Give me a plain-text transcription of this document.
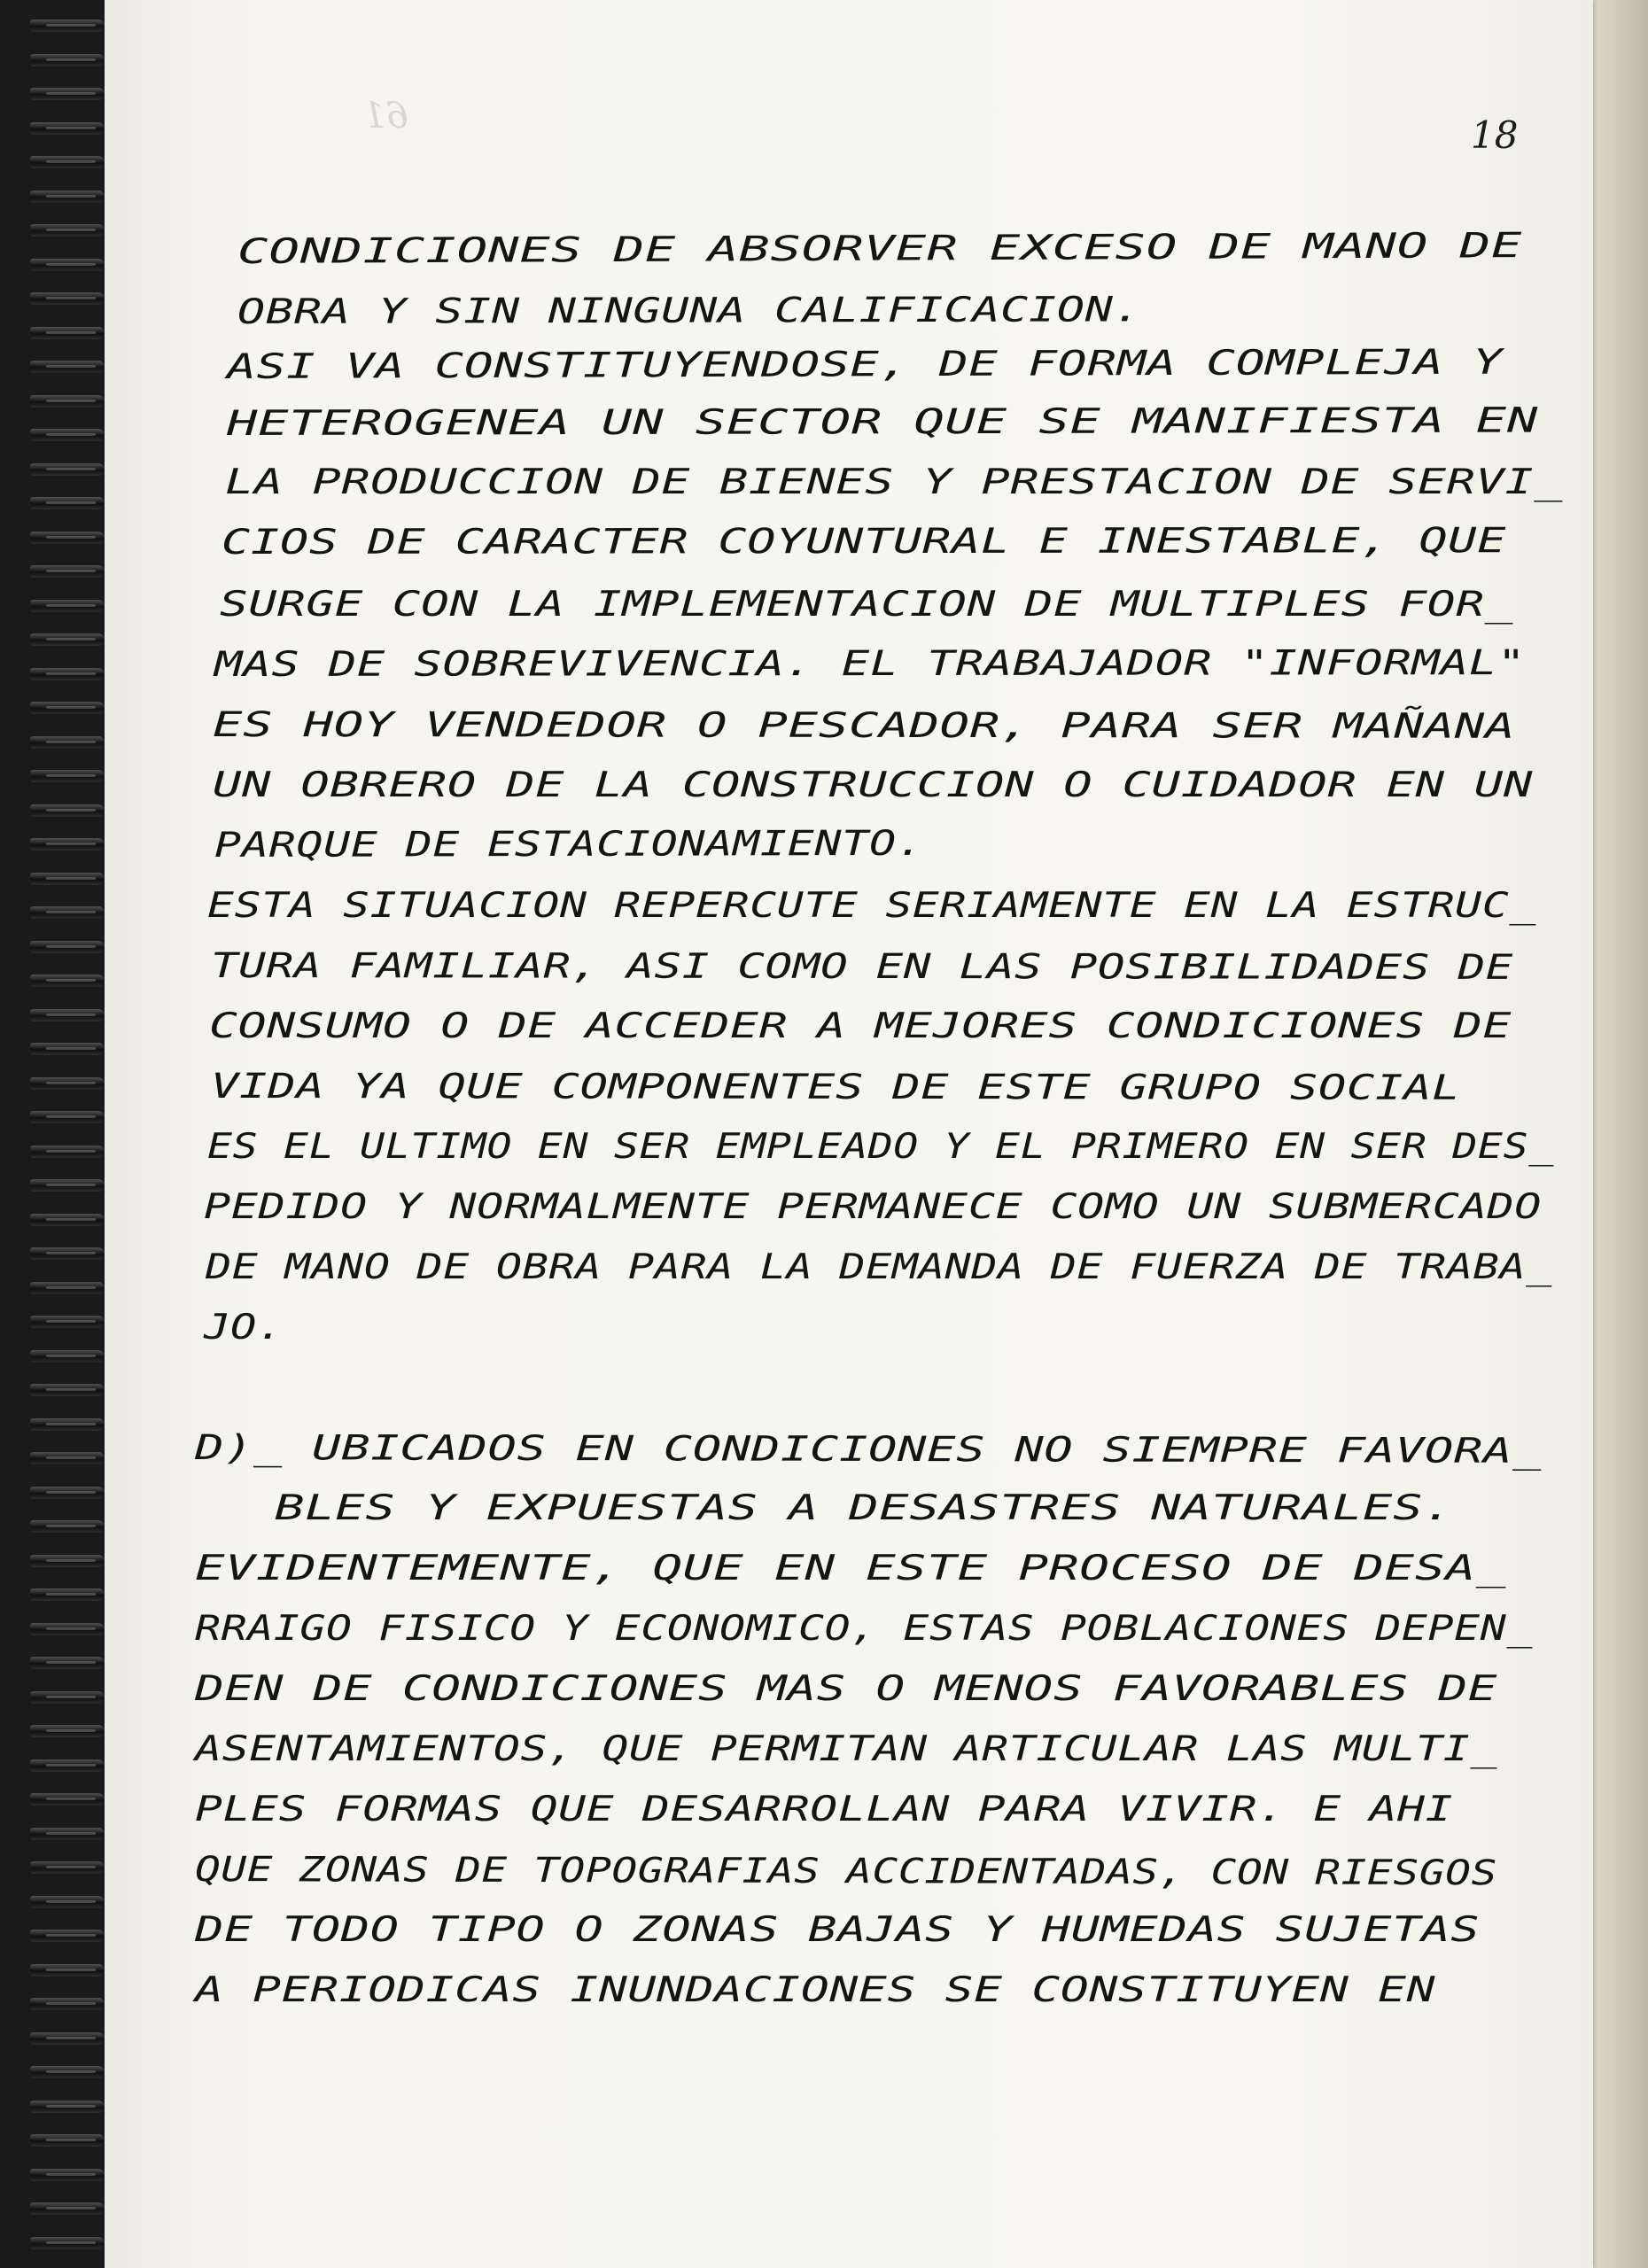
61	18
CONDICIONES DE ABSORVER EXCESO DE MANO DE
OBRA Y SIN NINGUNA CALIFICACION.
ASI VA CONSTITUYENDOSE, DE FORMA COMPLEJA Y
HETEROGENEA UN SECTOR QUE SE MANIFIESTA EN
LA PRODUCCION DE BIENES Y PRESTACION DE SERVI_
CIOS DE CARACTER COYUNTURAL E INESTABLE, QUE
SURGE CON LA IMPLEMENTACION DE MULTIPLES FOR_
MAS DE SOBREVIVENCIA. EL TRABAJADOR "INFORMAL"
ES HOY VENDEDOR O PESCADOR, PARA SER MAÑANA
UN OBRERO DE LA CONSTRUCCION O CUIDADOR EN UN
PARQUE DE ESTACIONAMIENTO.
ESTA SITUACION REPERCUTE SERIAMENTE EN LA ESTRUC_
TURA FAMILIAR, ASI COMO EN LAS POSIBILIDADES DE
CONSUMO O DE ACCEDER A MEJORES CONDICIONES DE
VIDA YA QUE COMPONENTES DE ESTE GRUPO SOCIAL
ES EL ULTIMO EN SER EMPLEADO Y EL PRIMERO EN SER DES_
PEDIDO Y NORMALMENTE PERMANECE COMO UN SUBMERCADO
DE MANO DE OBRA PARA LA DEMANDA DE FUERZA DE TRABA_
JO.
D)_ UBICADOS EN CONDICIONES NO SIEMPRE FAVORA_
BLES Y EXPUESTAS A DESASTRES NATURALES.
EVIDENTEMENTE, QUE EN ESTE PROCESO DE DESA_
RRAIGO FISICO Y ECONOMICO, ESTAS POBLACIONES DEPEN_
DEN DE CONDICIONES MAS O MENOS FAVORABLES DE
ASENTAMIENTOS, QUE PERMITAN ARTICULAR LAS MULTI_
PLES FORMAS QUE DESARROLLAN PARA VIVIR. E AHI
QUE ZONAS DE TOPOGRAFIAS ACCIDENTADAS, CON RIESGOS
DE TODO TIPO O ZONAS BAJAS Y HUMEDAS SUJETAS
A PERIODICAS INUNDACIONES SE CONSTITUYEN EN
